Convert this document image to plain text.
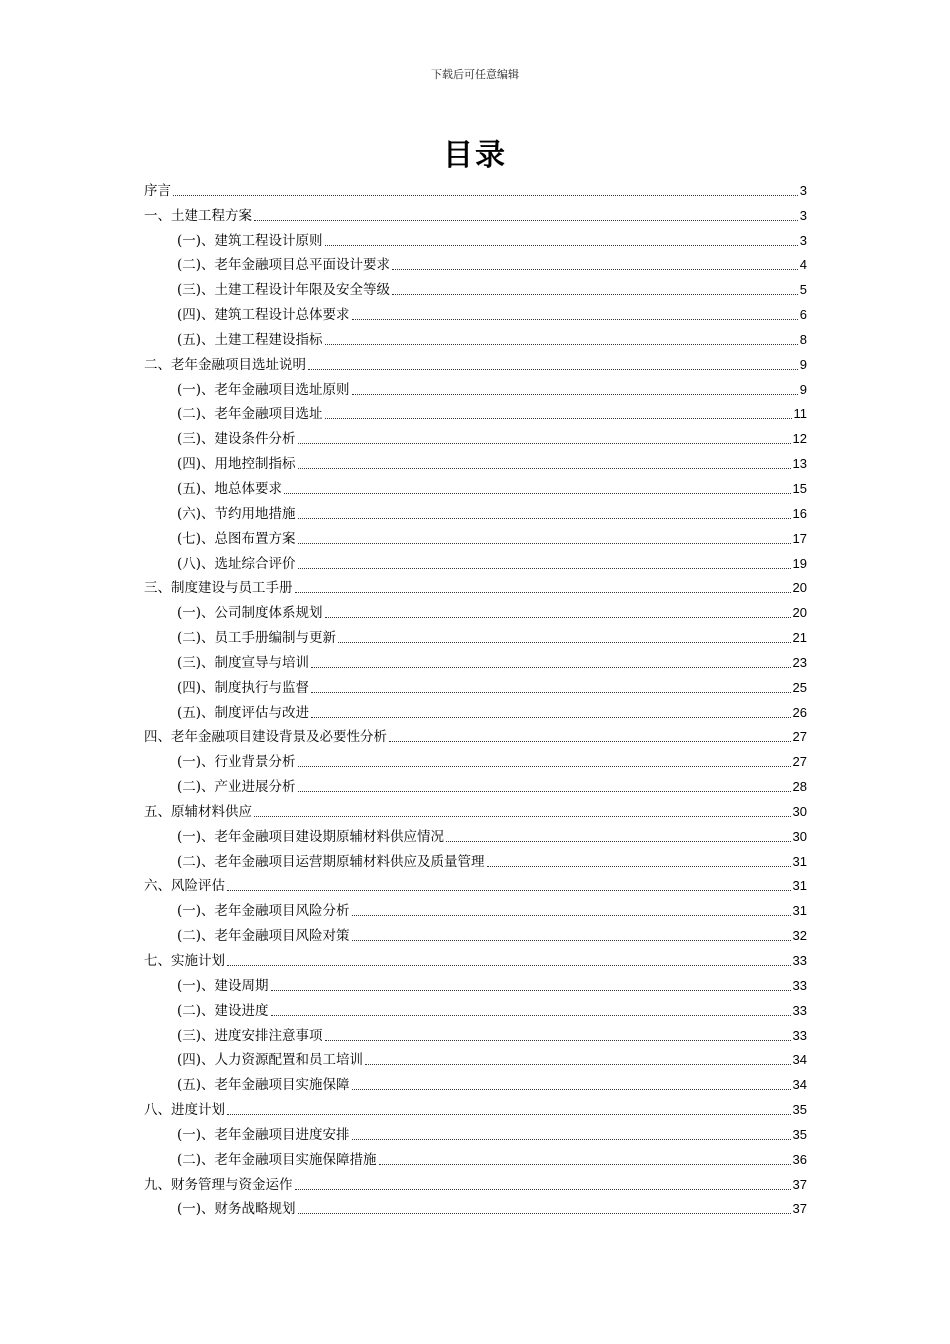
下载后可任意编辑
目录
序言	3
一、土建工程方案	3
(一)、建筑工程设计原则	3
(二)、老年金融项目总平面设计要求	4
(三)、土建工程设计年限及安全等级	5
(四)、建筑工程设计总体要求	6
(五)、土建工程建设指标	8
二、老年金融项目选址说明	9
(一)、老年金融项目选址原则	9
(二)、老年金融项目选址	11
(三)、建设条件分析	12
(四)、用地控制指标	13
(五)、地总体要求	15
(六)、节约用地措施	16
(七)、总图布置方案	17
(八)、选址综合评价	19
三、制度建设与员工手册	20
(一)、公司制度体系规划	20
(二)、员工手册编制与更新	21
(三)、制度宣导与培训	23
(四)、制度执行与监督	25
(五)、制度评估与改进	26
四、老年金融项目建设背景及必要性分析	27
(一)、行业背景分析	27
(二)、产业进展分析	28
五、原辅材料供应	30
(一)、老年金融项目建设期原辅材料供应情况	30
(二)、老年金融项目运营期原辅材料供应及质量管理	31
六、风险评估	31
(一)、老年金融项目风险分析	31
(二)、老年金融项目风险对策	32
七、实施计划	33
(一)、建设周期	33
(二)、建设进度	33
(三)、进度安排注意事项	33
(四)、人力资源配置和员工培训	34
(五)、老年金融项目实施保障	34
八、进度计划	35
(一)、老年金融项目进度安排	35
(二)、老年金融项目实施保障措施	36
九、财务管理与资金运作	37
(一)、财务战略规划	37
